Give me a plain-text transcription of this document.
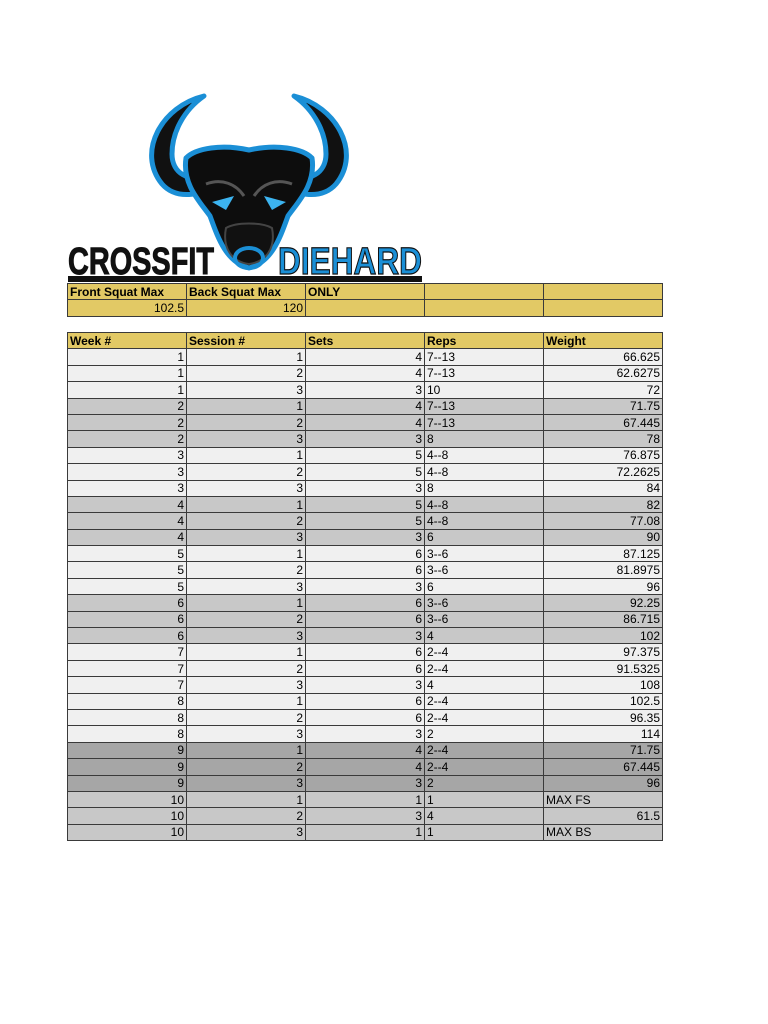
CROSSFIT DIEHARD
Front Squat Max	Back Squat Max	ONLY		
102.5	120			
Week #	Session #	Sets	Reps	Weight
1	1	4	7--13	66.625
1	2	4	7--13	62.6275
1	3	3	10	72
2	1	4	7--13	71.75
2	2	4	7--13	67.445
2	3	3	8	78
3	1	5	4--8	76.875
3	2	5	4--8	72.2625
3	3	3	8	84
4	1	5	4--8	82
4	2	5	4--8	77.08
4	3	3	6	90
5	1	6	3--6	87.125
5	2	6	3--6	81.8975
5	3	3	6	96
6	1	6	3--6	92.25
6	2	6	3--6	86.715
6	3	3	4	102
7	1	6	2--4	97.375
7	2	6	2--4	91.5325
7	3	3	4	108
8	1	6	2--4	102.5
8	2	6	2--4	96.35
8	3	3	2	114
9	1	4	2--4	71.75
9	2	4	2--4	67.445
9	3	3	2	96
10	1	1	1	MAX FS
10	2	3	4	61.5
10	3	1	1	MAX BS
